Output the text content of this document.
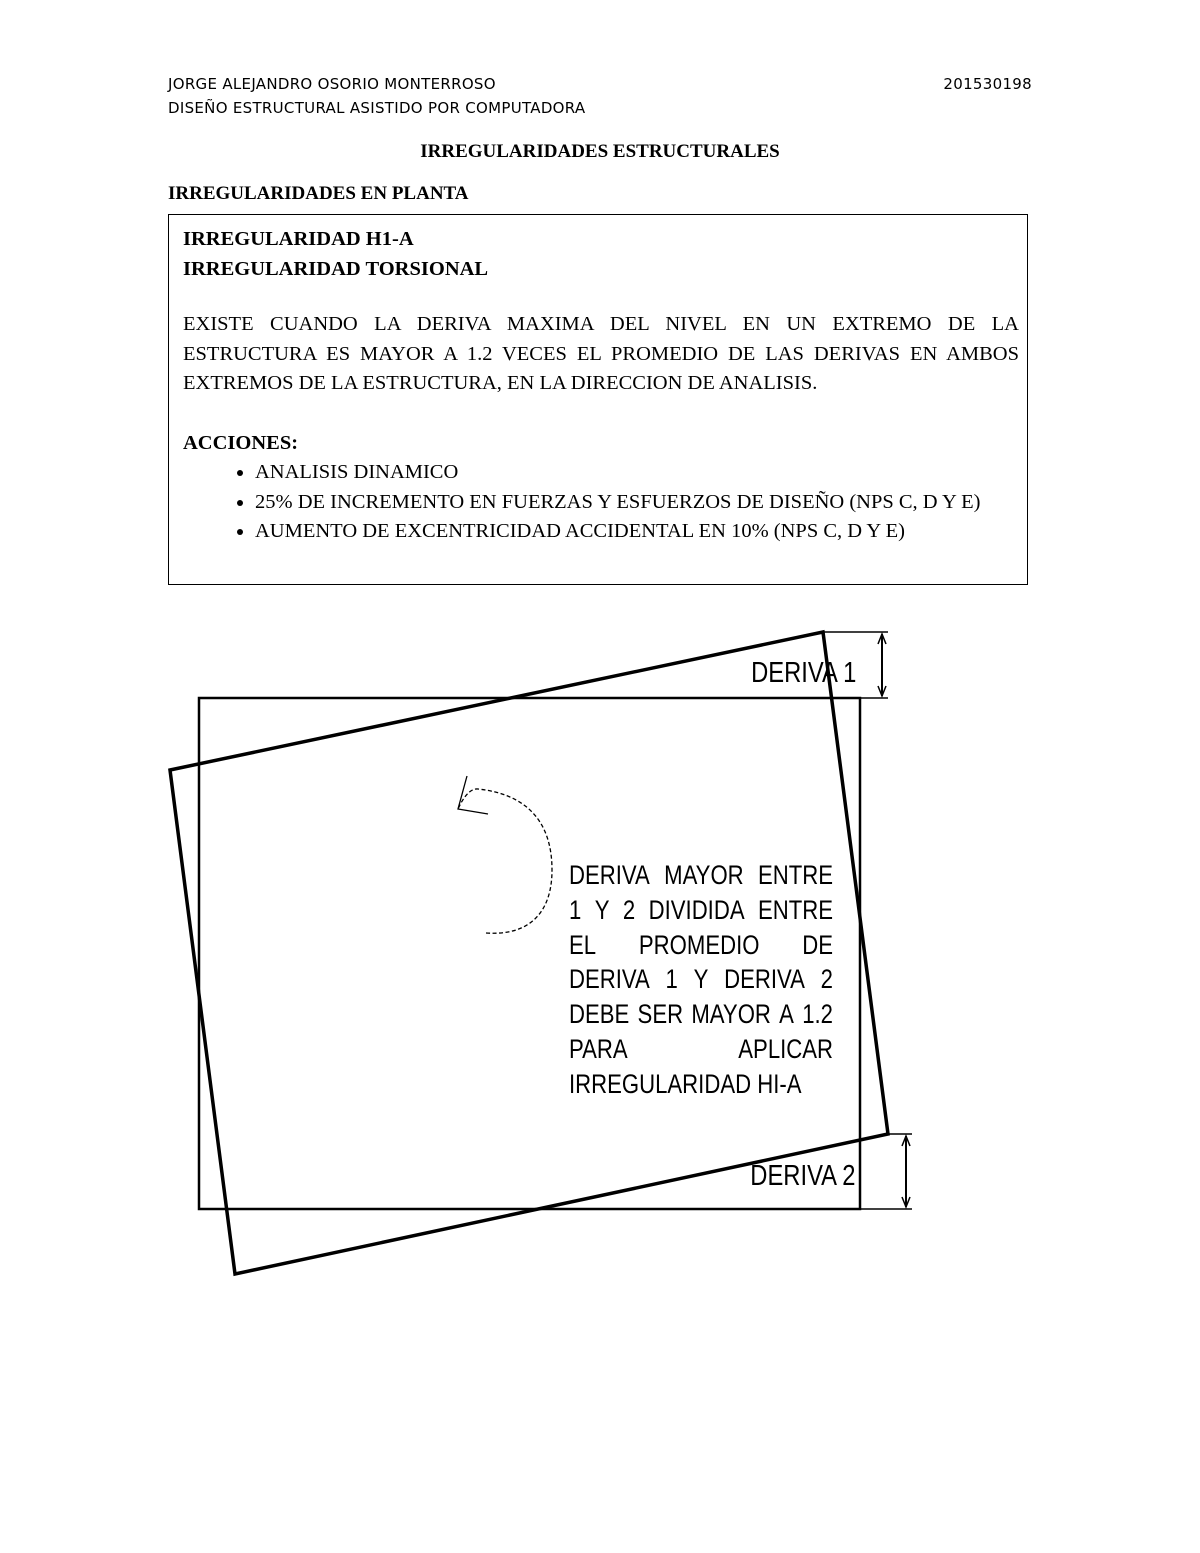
JORGE ALEJANDRO OSORIO MONTERROSO	201530198
DISEÑO ESTRUCTURAL ASISTIDO POR COMPUTADORA
IRREGULARIDADES ESTRUCTURALES
IRREGULARIDADES EN PLANTA
IRREGULARIDAD H1-A
IRREGULARIDAD TORSIONAL
EXISTE CUANDO LA DERIVA MAXIMA DEL NIVEL EN UN EXTREMO DE LA ESTRUCTURA ES MAYOR A 1.2 VECES EL PROMEDIO DE LAS DERIVAS EN AMBOS EXTREMOS DE LA ESTRUCTURA, EN LA DIRECCION DE ANALISIS.
ACCIONES:
• ANALISIS DINAMICO
• 25% DE INCREMENTO EN FUERZAS Y ESFUERZOS DE DISEÑO (NPS C, D Y E)
• AUMENTO DE EXCENTRICIDAD ACCIDENTAL EN 10% (NPS C, D Y E)
DERIVA 1
DERIVA 2
DERIVA MAYOR ENTRE
1 Y 2 DIVIDIDA ENTRE
EL PROMEDIO DE
DERIVA 1 Y DERIVA 2
DEBE SER MAYOR A 1.2
PARA	APLICAR
IRREGULARIDAD HI-A
